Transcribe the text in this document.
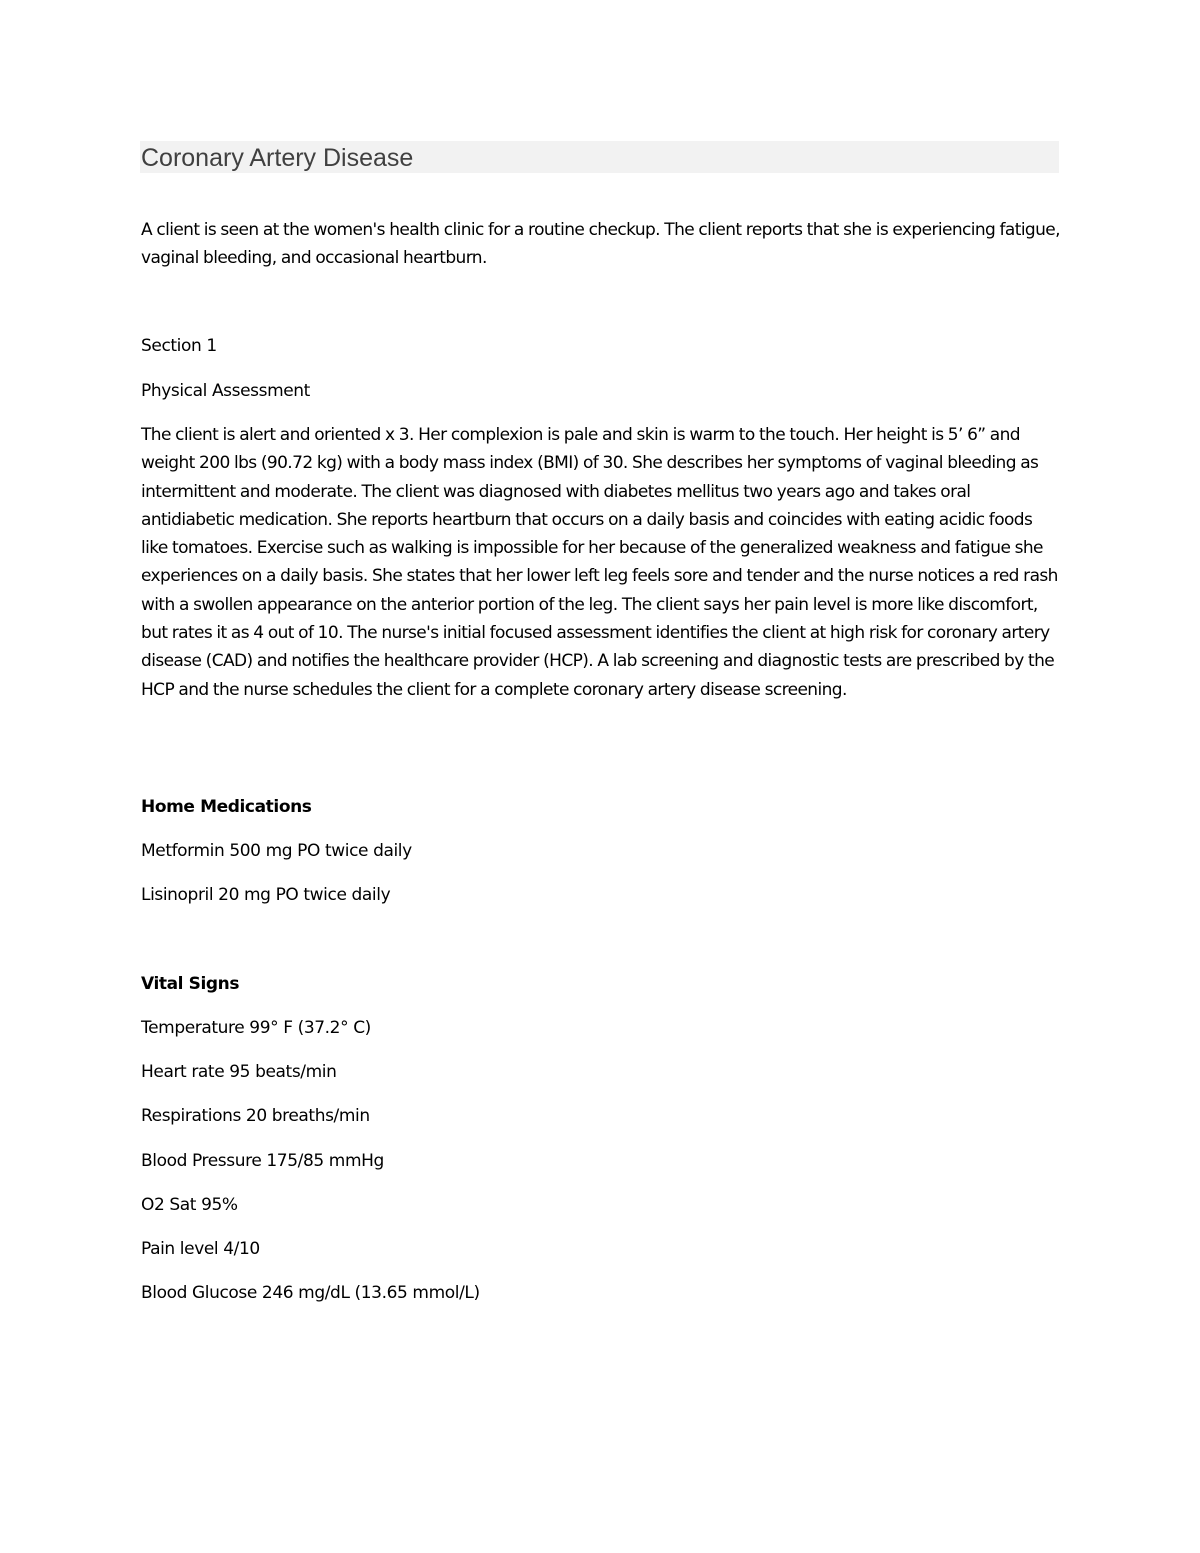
Coronary Artery Disease

A client is seen at the women's health clinic for a routine checkup. The client reports that she is experiencing fatigue, vaginal bleeding, and occasional heartburn.

Section 1

Physical Assessment

The client is alert and oriented x 3. Her complexion is pale and skin is warm to the touch. Her height is 5’ 6” and weight 200 lbs (90.72 kg) with a body mass index (BMI) of 30. She describes her symptoms of vaginal bleeding as intermittent and moderate. The client was diagnosed with diabetes mellitus two years ago and takes oral antidiabetic medication. She reports heartburn that occurs on a daily basis and coincides with eating acidic foods like tomatoes. Exercise such as walking is impossible for her because of the generalized weakness and fatigue she experiences on a daily basis. She states that her lower left leg feels sore and tender and the nurse notices a red rash with a swollen appearance on the anterior portion of the leg. The client says her pain level is more like discomfort, but rates it as 4 out of 10. The nurse's initial focused assessment identifies the client at high risk for coronary artery disease (CAD) and notifies the healthcare provider (HCP). A lab screening and diagnostic tests are prescribed by the HCP and the nurse schedules the client for a complete coronary artery disease screening.

Home Medications

Metformin 500 mg PO twice daily

Lisinopril 20 mg PO twice daily

Vital Signs

Temperature 99° F (37.2° C)

Heart rate 95 beats/min

Respirations 20 breaths/min

Blood Pressure 175/85 mmHg

O2 Sat 95%

Pain level 4/10

Blood Glucose 246 mg/dL (13.65 mmol/L)
